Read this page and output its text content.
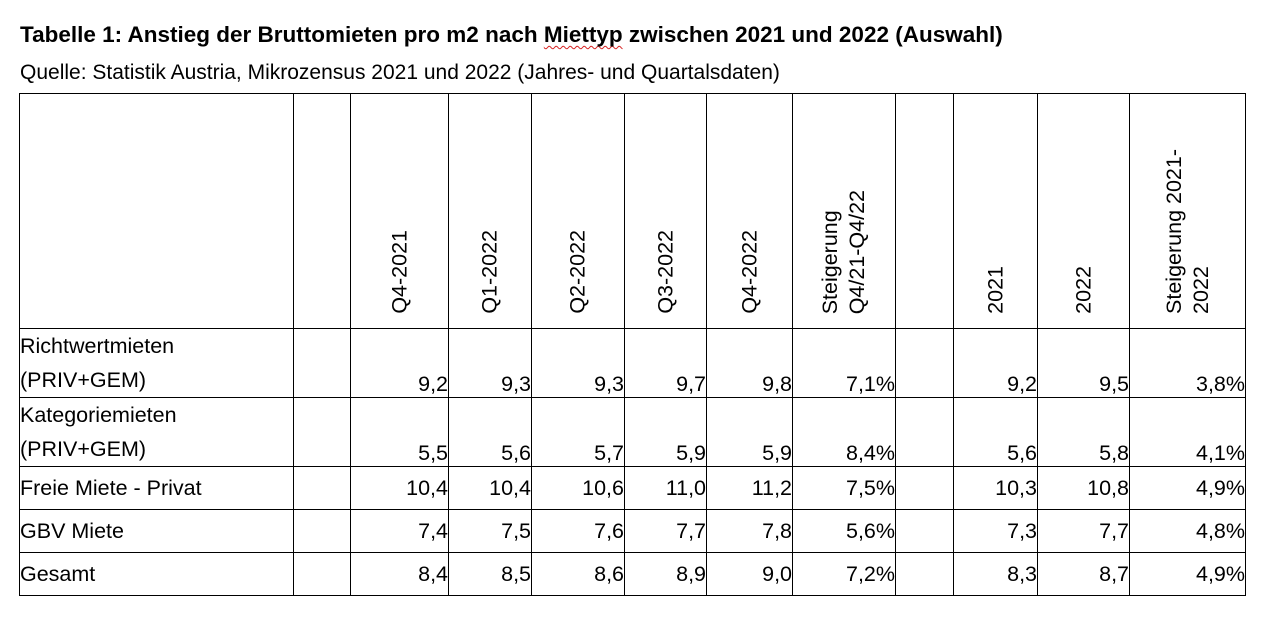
Tabelle 1: Anstieg der Bruttomieten pro m2 nach Miettyp zwischen 2021 und 2022 (Auswahl)
Quelle: Statistik Austria, Mikrozensus 2021 und 2022 (Jahres- und Quartalsdaten)

		Q4-2021	Q1-2022	Q2-2022	Q3-2022	Q4-2022	Steigerung
Q4/21-Q4/22		2021	2022	Steigerung 2021-
2022

Richtwertmieten
(PRIV+GEM)		9,2	9,3	9,3	9,7	9,8	7,1%		9,2	9,5	3,8%
Kategoriemieten
(PRIV+GEM)		5,5	5,6	5,7	5,9	5,9	8,4%		5,6	5,8	4,1%
Freie Miete - Privat		10,4	10,4	10,6	11,0	11,2	7,5%		10,3	10,8	4,9%
GBV Miete		7,4	7,5	7,6	7,7	7,8	5,6%		7,3	7,7	4,8%
Gesamt		8,4	8,5	8,6	8,9	9,0	7,2%		8,3	8,7	4,9%
